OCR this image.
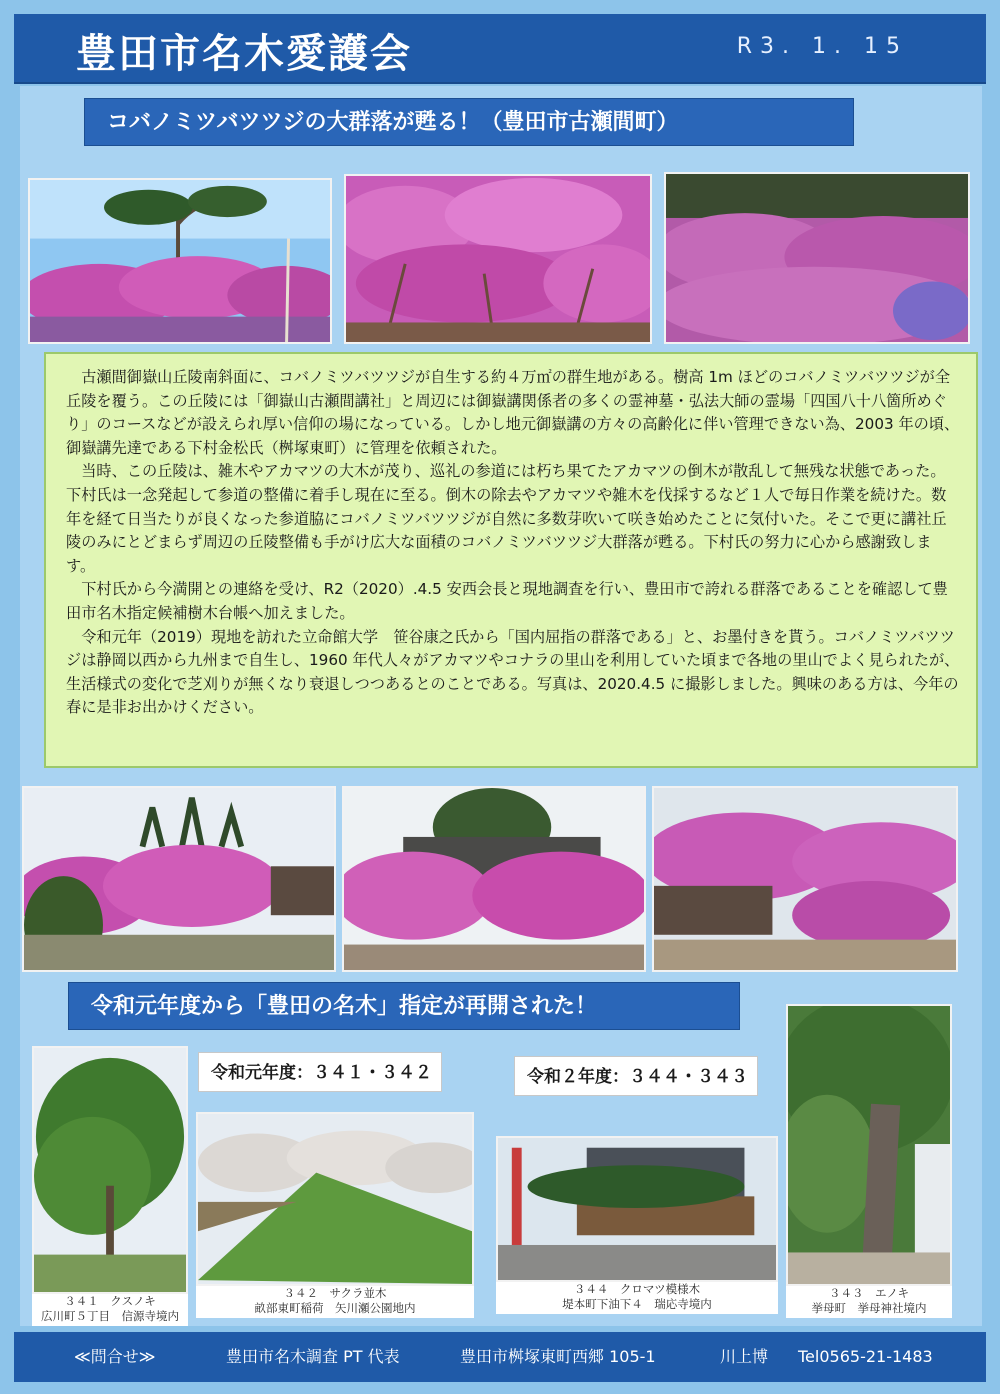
豊田市名木愛護会	R3. 1. 15
コバノミツバツツジの大群落が甦る！（豊田市古瀬間町）

古瀬間御嶽山丘陵南斜面に、コバノミツバツツジが自生する約４万㎡の群生地がある。樹高 1m ほどのコバノミツバツツジが全丘陵を覆う。この丘陵には「御嶽山古瀬間講社」と周辺には御嶽講関係者の多くの霊神墓・弘法大師の霊場「四国八十八箇所めぐり」のコースなどが設えられ厚い信仰の場になっている。しかし地元御嶽講の方々の高齢化に伴い管理できない為、2003 年の頃、御嶽講先達である下村金松氏（桝塚東町）に管理を依頼された。

当時、この丘陵は、雑木やアカマツの大木が茂り、巡礼の参道には朽ち果てたアカマツの倒木が散乱して無残な状態であった。下村氏は一念発起して参道の整備に着手し現在に至る。倒木の除去やアカマツや雑木を伐採するなど１人で毎日作業を続けた。数年を経て日当たりが良くなった参道脇にコバノミツバツツジが自然に多数芽吹いて咲き始めたことに気付いた。そこで更に講社丘陵のみにとどまらず周辺の丘陵整備も手がけ広大な面積のコバノミツバツツジ大群落が甦る。下村氏の努力に心から感謝致します。

下村氏から今満開との連絡を受け、R2（2020）.4.5 安西会長と現地調査を行い、豊田市で誇れる群落であることを確認して豊田市名木指定候補樹木台帳へ加えました。

令和元年（2019）現地を訪れた立命館大学　笹谷康之氏から「国内屈指の群落である」と、お墨付きを貰う。コバノミツバツツジは静岡以西から九州まで自生し、1960 年代人々がアカマツやコナラの里山を利用していた頃まで各地の里山でよく見られたが、生活様式の変化で芝刈りが無くなり衰退しつつあるとのことである。写真は、2020.4.5 に撮影しました。興味のある方は、今年の春に是非お出かけください。

令和元年度から「豊田の名木」指定が再開された！
３４１　クスノキ
広川町５丁目　信源寺境内
令和元年度：３４１・３４２
３４２　サクラ並木
畝部東町稲荷　矢川瀬公園地内
令和２年度：３４４・３４３
３４４　クロマツ模様木
堤本町下油下４　瑞応寺境内
３４３　エノキ
挙母町　挙母神社境内
≪問合せ≫	豊田市名木調査 PT 代表	豊田市桝塚東町西郷 105-1	川上博 Tel0565-21-1483
